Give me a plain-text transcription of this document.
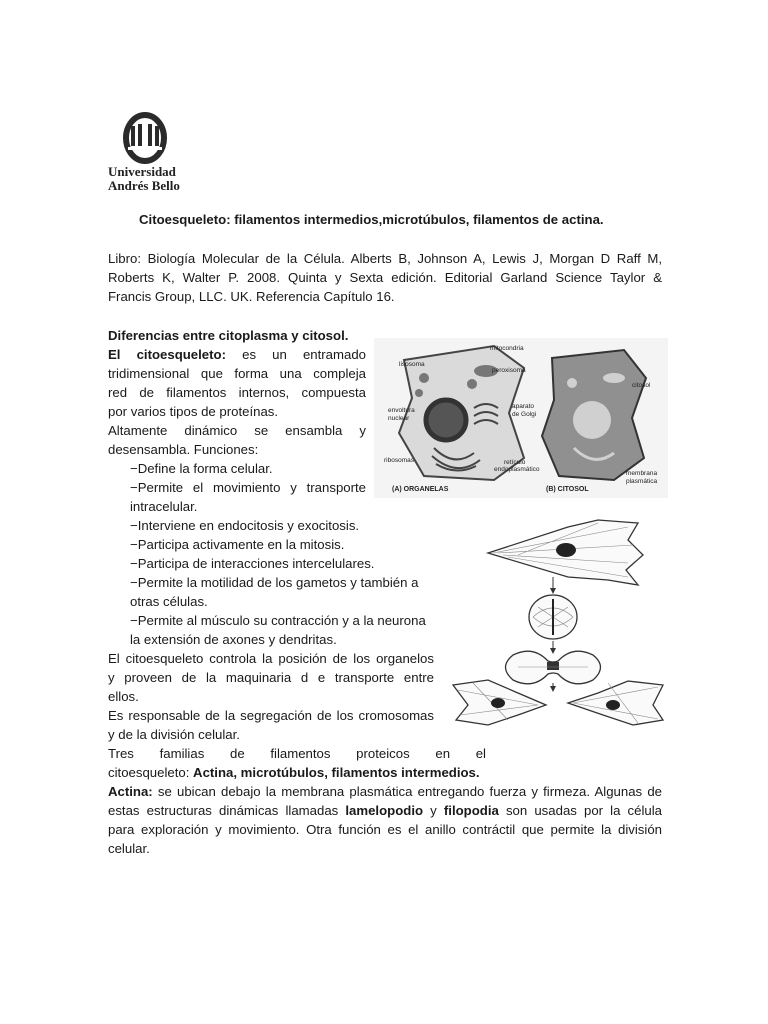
Universidad
Andrés Bello
Citoesqueleto: filamentos intermedios,microtúbulos, filamentos de actina.
Libro: Biología Molecular de la Célula. Alberts B, Johnson A, Lewis J, Morgan D Raff M,
Roberts K, Walter P. 2008. Quinta y Sexta edición. Editorial Garland Science Taylor &
Francis Group, LLC. UK. Referencia Capítulo 16.
Diferencias entre citoplasma y citosol.
El citoesqueleto: es un entramado
tridimensional que forma una compleja
red de filamentos internos, compuesta
por varios tipos de proteínas.
Altamente dinámico se ensambla y
desensambla. Funciones:
−Define la forma celular.
−Permite el movimiento y transporte
intracelular.
−Interviene en endocitosis y exocitosis.
−Participa activamente en la mitosis.
−Participa de interacciones intercelulares.
−Permite la motilidad de los gametos y también a
otras células.
−Permite al músculo su contracción y a la neurona
la extensión de axones y dendritas.
El citoesqueleto controla la posición de los organelos
y proveen de la maquinaria d e transporte entre
ellos.
Es responsable de la segregación de los cromosomas
y de la división celular.
Tres familias de filamentos proteicos en el
citoesqueleto: Actina, microtúbulos, filamentos intermedios.
Actina: se ubican debajo la membrana plasmática entregando fuerza y firmeza. Algunas de
estas estructuras dinámicas llamadas lamelopodio y filopodia son usadas por la célula
para exploración y movimiento. Otra función es el anillo contráctil que permite la división
celular.
mitocondria
lisosoma
peroxisoma
envoltura
nuclear
aparato
de Golgi
ribosomas	retículo
endoplasmático
citosol
membrana
plasmática
(A) ORGANELAS	(B) CITOSOL
